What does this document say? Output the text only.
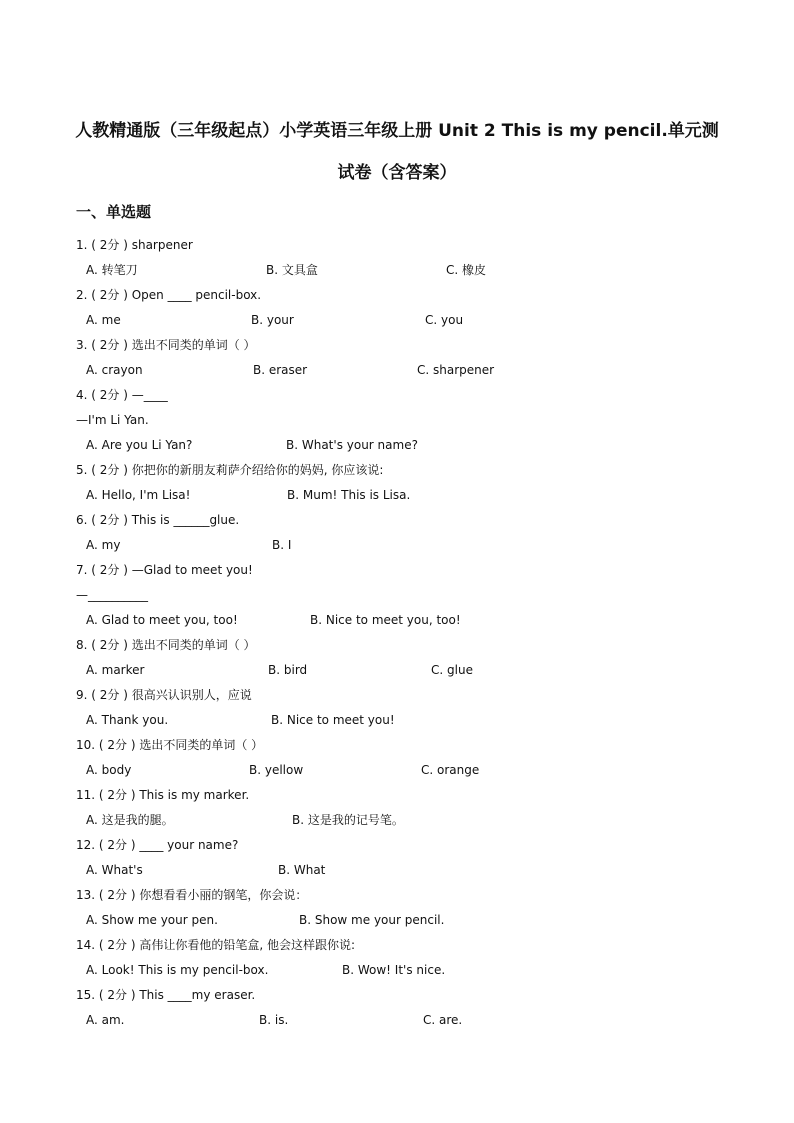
人教精通版（三年级起点）小学英语三年级上册 Unit 2 This is my pencil.单元测
试卷（含答案）
一、单选题
1. ( 2分 ) sharpener
A. 转笔刀	B. 文具盒	C. 橡皮
2. ( 2分 ) Open ____ pencil-box.
A. me	B. your	C. you
3. ( 2分 ) 选出不同类的单词（ ）
A. crayon	B. eraser	C. sharpener
4. ( 2分 ) —____
—I'm Li Yan.
A. Are you Li Yan?	B. What's your name?
5. ( 2分 ) 你把你的新朋友莉萨介绍给你的妈妈, 你应该说:
A. Hello, I'm Lisa!	B. Mum! This is Lisa.
6. ( 2分 ) This is ______glue.
A. my	B. I
7. ( 2分 ) —Glad to meet you!
—__________
A. Glad to meet you, too!	B. Nice to meet you, too!
8. ( 2分 ) 选出不同类的单词（ ）
A. marker	B. bird	C. glue
9. ( 2分 ) 很高兴认识别人，应说
A. Thank you.	B. Nice to meet you!
10. ( 2分 ) 选出不同类的单词（ ）
A. body	B. yellow	C. orange
11. ( 2分 ) This is my marker.
A. 这是我的腿。	B. 这是我的记号笔。
12. ( 2分 ) ____ your name?
A. What's	B. What
13. ( 2分 ) 你想看看小丽的钢笔，你会说：
A. Show me your pen.	B. Show me your pencil.
14. ( 2分 ) 高伟让你看他的铅笔盒, 他会这样跟你说:
A. Look! This is my pencil-box.	B. Wow! It's nice.
15. ( 2分 ) This ____my eraser.
A. am.	B. is.	C. are.
